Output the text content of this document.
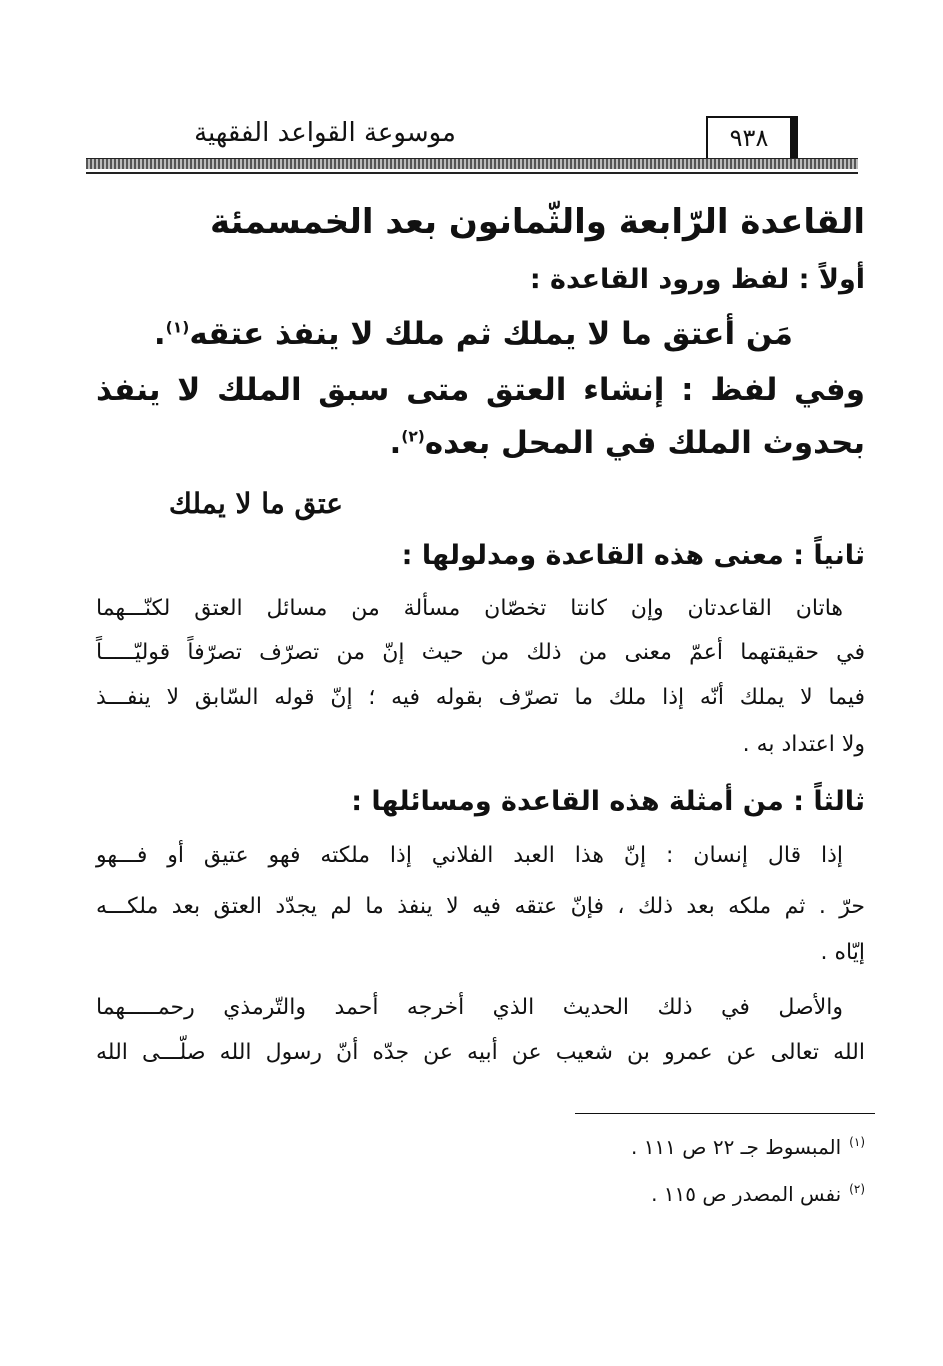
موسوعة القواعد الفقهية	٩٣٨
القاعدة الرّابعة والثّمانون بعد الخمسمئة
أولاً : لفظ ورود القاعدة :
مَن أعتق ما لا يملك ثم ملك لا ينفذ عتقه$^{(١)}$.
وفي لفظ : إنشاء العتق متى سبق الملك لا ينفذ
بحدوث الملك في المحل بعده$^{(٢)}$.
عتق ما لا يملك
ثانياً : معنى هذه القاعدة ومدلولها :
هاتان القاعدتان وإن كانتا تخصّان مسألة من مسائل العتق لكنّـــهما
في حقيقتهما أعمّ معنى من ذلك من حيث إنّ من تصرّف تصرّفاً قوليّـــــاً
فيما لا يملك أنّه إذا ملك ما تصرّف بقوله فيه ؛ إنّ قوله السّابق لا ينفـــذ
ولا اعتداد به .
ثالثاً : من أمثلة هذه القاعدة ومسائلها :
إذا قال إنسان : إنّ هذا العبد الفلاني إذا ملكته فهو عتيق أو فـــهو
حرّ . ثم ملكه بعد ذلك ، فإنّ عتقه فيه لا ينفذ ما لم يجدّد العتق بعد ملكـــه
إيّاه .
والأصل في ذلك الحديث الذي أخرجه أحمد والتّرمذي رحمـــــهما
الله تعالى عن عمرو بن شعيب عن أبيه عن جدّه أنّ رسول الله صلّـــى الله
$^{(١)}$المبسوط جـ ٢٢ ص ١١١ .
$^{(٢)}$نفس المصدر ص ١١٥ .
